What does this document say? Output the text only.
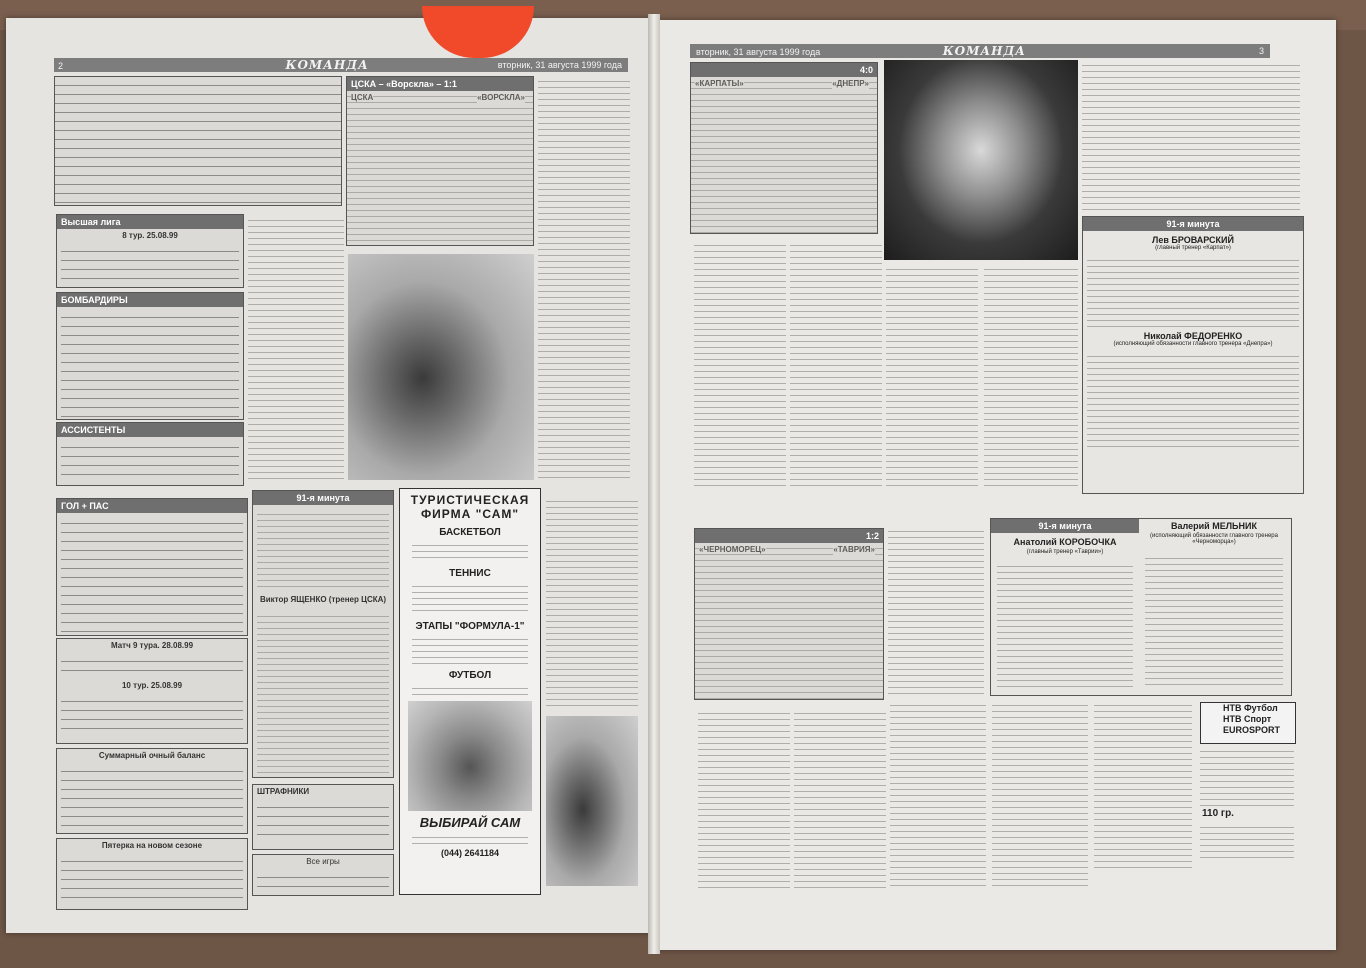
2	КОМАНДА	вторник, 31 августа 1999 года
ЦСКА – «Ворскла» – 1:1
ЦСКА	«ВОРСКЛА»
Высшая лига
8 тур. 25.08.99
БОМБАРДИРЫ
АССИСТЕНТЫ
ГОЛ + ПАС
Матч 9 тура. 28.08.99
10 тур. 25.08.99
Суммарный очный баланс
Пятерка на новом сезоне
91-я минута
Виктор ЯЩЕНКО (тренер ЦСКА)
ШТРАФНИКИ
Все игры
ТУРИСТИЧЕСКАЯ
ФИРМА "САМ"
БАСКЕТБОЛ
ТЕННИС
ЭТАПЫ "ФОРМУЛА-1"
ФУТБОЛ
ВЫБИРАЙ САМ
(044) 2641184
вторник, 31 августа 1999 года	КОМАНДА	3
4:0
«КАРПАТЫ»	«ДНЕПР»
91-я минута
Лев БРОВАРСКИЙ
(главный тренер «Карпат»)
Николай ФЕДОРЕНКО
(исполняющий обязанности главного тренера «Днепра»)
1:2
«ЧЕРНОМОРЕЦ»	«ТАВРИЯ»
91-я минута
Анатолий КОРОБОЧКА
(главный тренер «Таврии»)
Валерий МЕЛЬНИК
(исполняющий обязанности главного тренера «Черноморца»)
НТВ Футбол
НТВ Спорт
EUROSPORT
110 гр.
